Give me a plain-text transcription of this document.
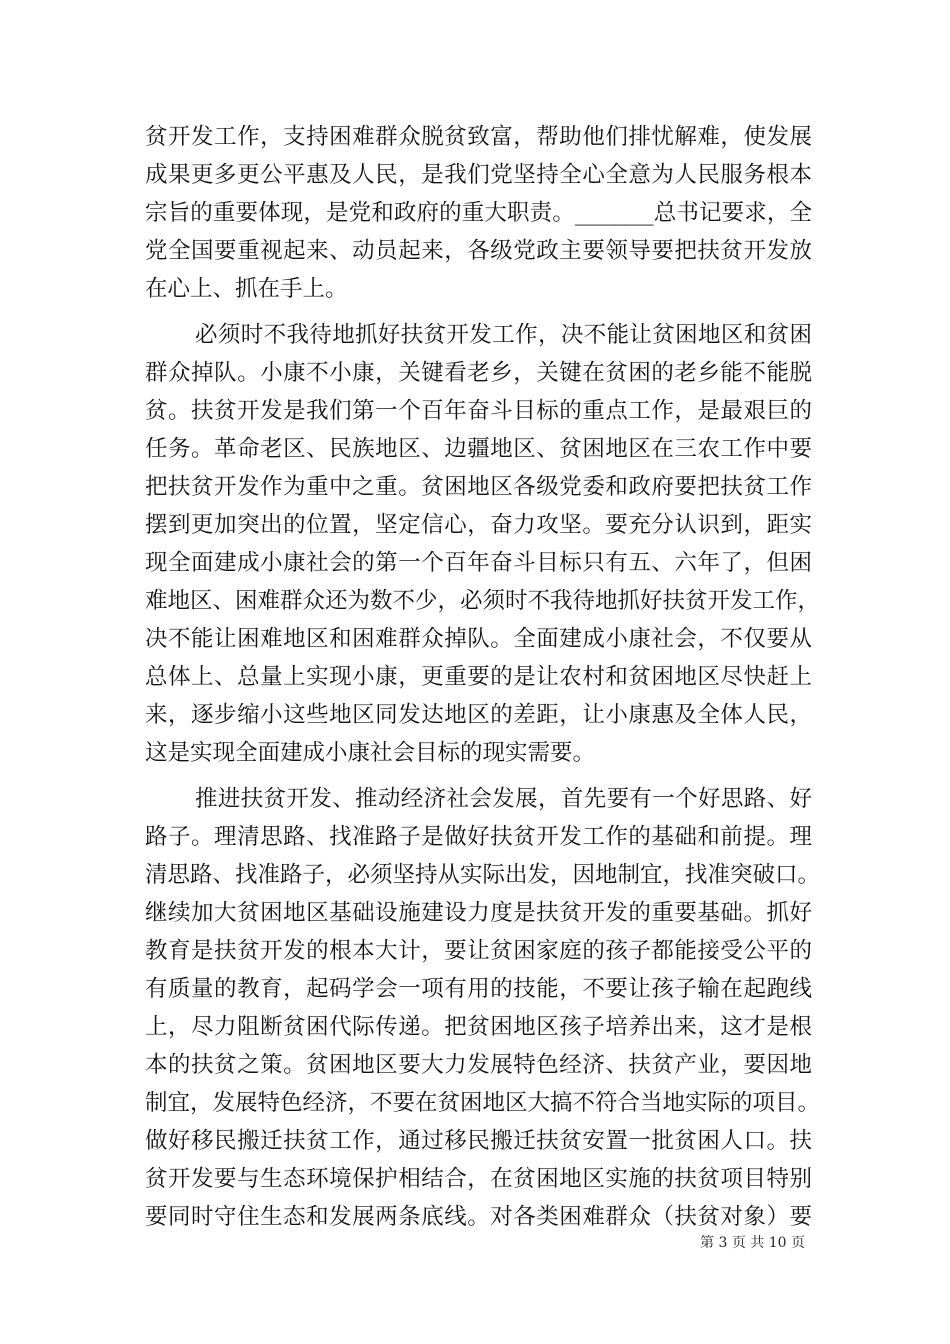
贫开发工作，支持困难群众脱贫致富，帮助他们排忧解难，使发展
成果更多更公平惠及人民，是我们党坚持全心全意为人民服务根本
宗旨的重要体现，是党和政府的重大职责。_______总书记要求，全
党全国要重视起来、动员起来，各级党政主要领导要把扶贫开发放
在心上、抓在手上。
必须时不我待地抓好扶贫开发工作，决不能让贫困地区和贫困
群众掉队。小康不小康，关键看老乡，关键在贫困的老乡能不能脱
贫。扶贫开发是我们第一个百年奋斗目标的重点工作，是最艰巨的
任务。革命老区、民族地区、边疆地区、贫困地区在三农工作中要
把扶贫开发作为重中之重。贫困地区各级党委和政府要把扶贫工作
摆到更加突出的位置，坚定信心，奋力攻坚。要充分认识到，距实
现全面建成小康社会的第一个百年奋斗目标只有五、六年了，但困
难地区、困难群众还为数不少，必须时不我待地抓好扶贫开发工作，
决不能让困难地区和困难群众掉队。全面建成小康社会，不仅要从
总体上、总量上实现小康，更重要的是让农村和贫困地区尽快赶上
来，逐步缩小这些地区同发达地区的差距，让小康惠及全体人民，
这是实现全面建成小康社会目标的现实需要。
推进扶贫开发、推动经济社会发展，首先要有一个好思路、好
路子。理清思路、找准路子是做好扶贫开发工作的基础和前提。理
清思路、找准路子，必须坚持从实际出发，因地制宜，找准突破口。
继续加大贫困地区基础设施建设力度是扶贫开发的重要基础。抓好
教育是扶贫开发的根本大计，要让贫困家庭的孩子都能接受公平的
有质量的教育，起码学会一项有用的技能，不要让孩子输在起跑线
上，尽力阻断贫困代际传递。把贫困地区孩子培养出来，这才是根
本的扶贫之策。贫困地区要大力发展特色经济、扶贫产业，要因地
制宜，发展特色经济，不要在贫困地区大搞不符合当地实际的项目。
做好移民搬迁扶贫工作，通过移民搬迁扶贫安置一批贫困人口。扶
贫开发要与生态环境保护相结合，在贫困地区实施的扶贫项目特别
要同时守住生态和发展两条底线。对各类困难群众（扶贫对象）要
第 3 页 共 10 页
